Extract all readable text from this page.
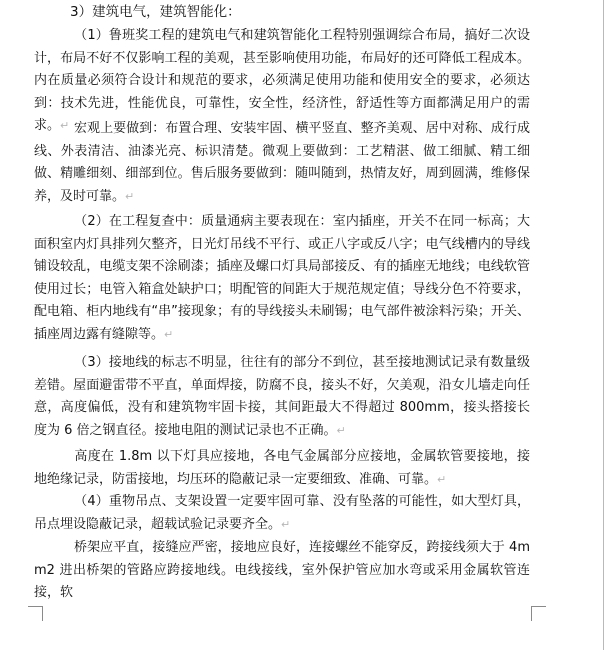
3）建筑电气，建筑智能化：

（1）鲁班奖工程的建筑电气和建筑智能化工程特别强调综合布局，搞好二次设计，布局不好不仅影响工程的美观，甚至影响使用功能，布局好的还可降低工程成本。内在质量必须符合设计和规范的要求，必须满足使用功能和使用安全的要求，必须达到：技术先进，性能优良，可靠性，安全性，经济性，舒适性等方面都满足用户的需求。↵ 宏观上要做到：布置合理、安装牢固、横平竖直、整齐美观、居中对称、成行成线、外表清洁、油漆光亮、标识清楚。微观上要做到：工艺精湛、做工细腻、精工细做、精雕细刻、细部到位。售后服务要做到：随叫随到，热情友好，周到圆满，维修保养，及时可靠。↵

（2）在工程复查中：质量通病主要表现在：室内插座，开关不在同一标高；大面积室内灯具排列欠整齐，日光灯吊线不平行、或正八字或反八字；电气线槽内的导线铺设较乱，电缆支架不涂刷漆；插座及螺口灯具局部接反、有的插座无地线；电线软管使用过长；电管入箱盒处缺护口；明配管的间距大于规范规定值；导线分色不符要求，配电箱、柜内地线有“串”接现象；有的导线接头未刷锡；电气部件被涂料污染；开关、插座周边露有缝隙等。↵

（3）接地线的标志不明显，往往有的部分不到位，甚至接地测试记录有数量级差错。屋面避雷带不平直，单面焊接，防腐不良，接头不好，欠美观，沿女儿墙走向任意，高度偏低，没有和建筑物牢固卡接，其间距最大不得超过 800mm，接头搭接长度为 6 倍之钢直径。接地电阻的测试记录也不正确。↵

高度在 1.8m 以下灯具应接地，各电气金属部分应接地，金属软管要接地，接地绝缘记录，防雷接地，均压环的隐蔽记录一定要细致、准确、可靠。↵

（4）重物吊点、支架设置一定要牢固可靠、没有坠落的可能性，如大型灯具，吊点埋设隐蔽记录，超载试验记录要齐全。↵

桥架应平直，接缝应严密，接地应良好，连接螺丝不能穿反，跨接线须大于 4mm2 进出桥架的管路应跨接地线。电线接线，室外保护管应加水弯或采用金属软管连接，软
